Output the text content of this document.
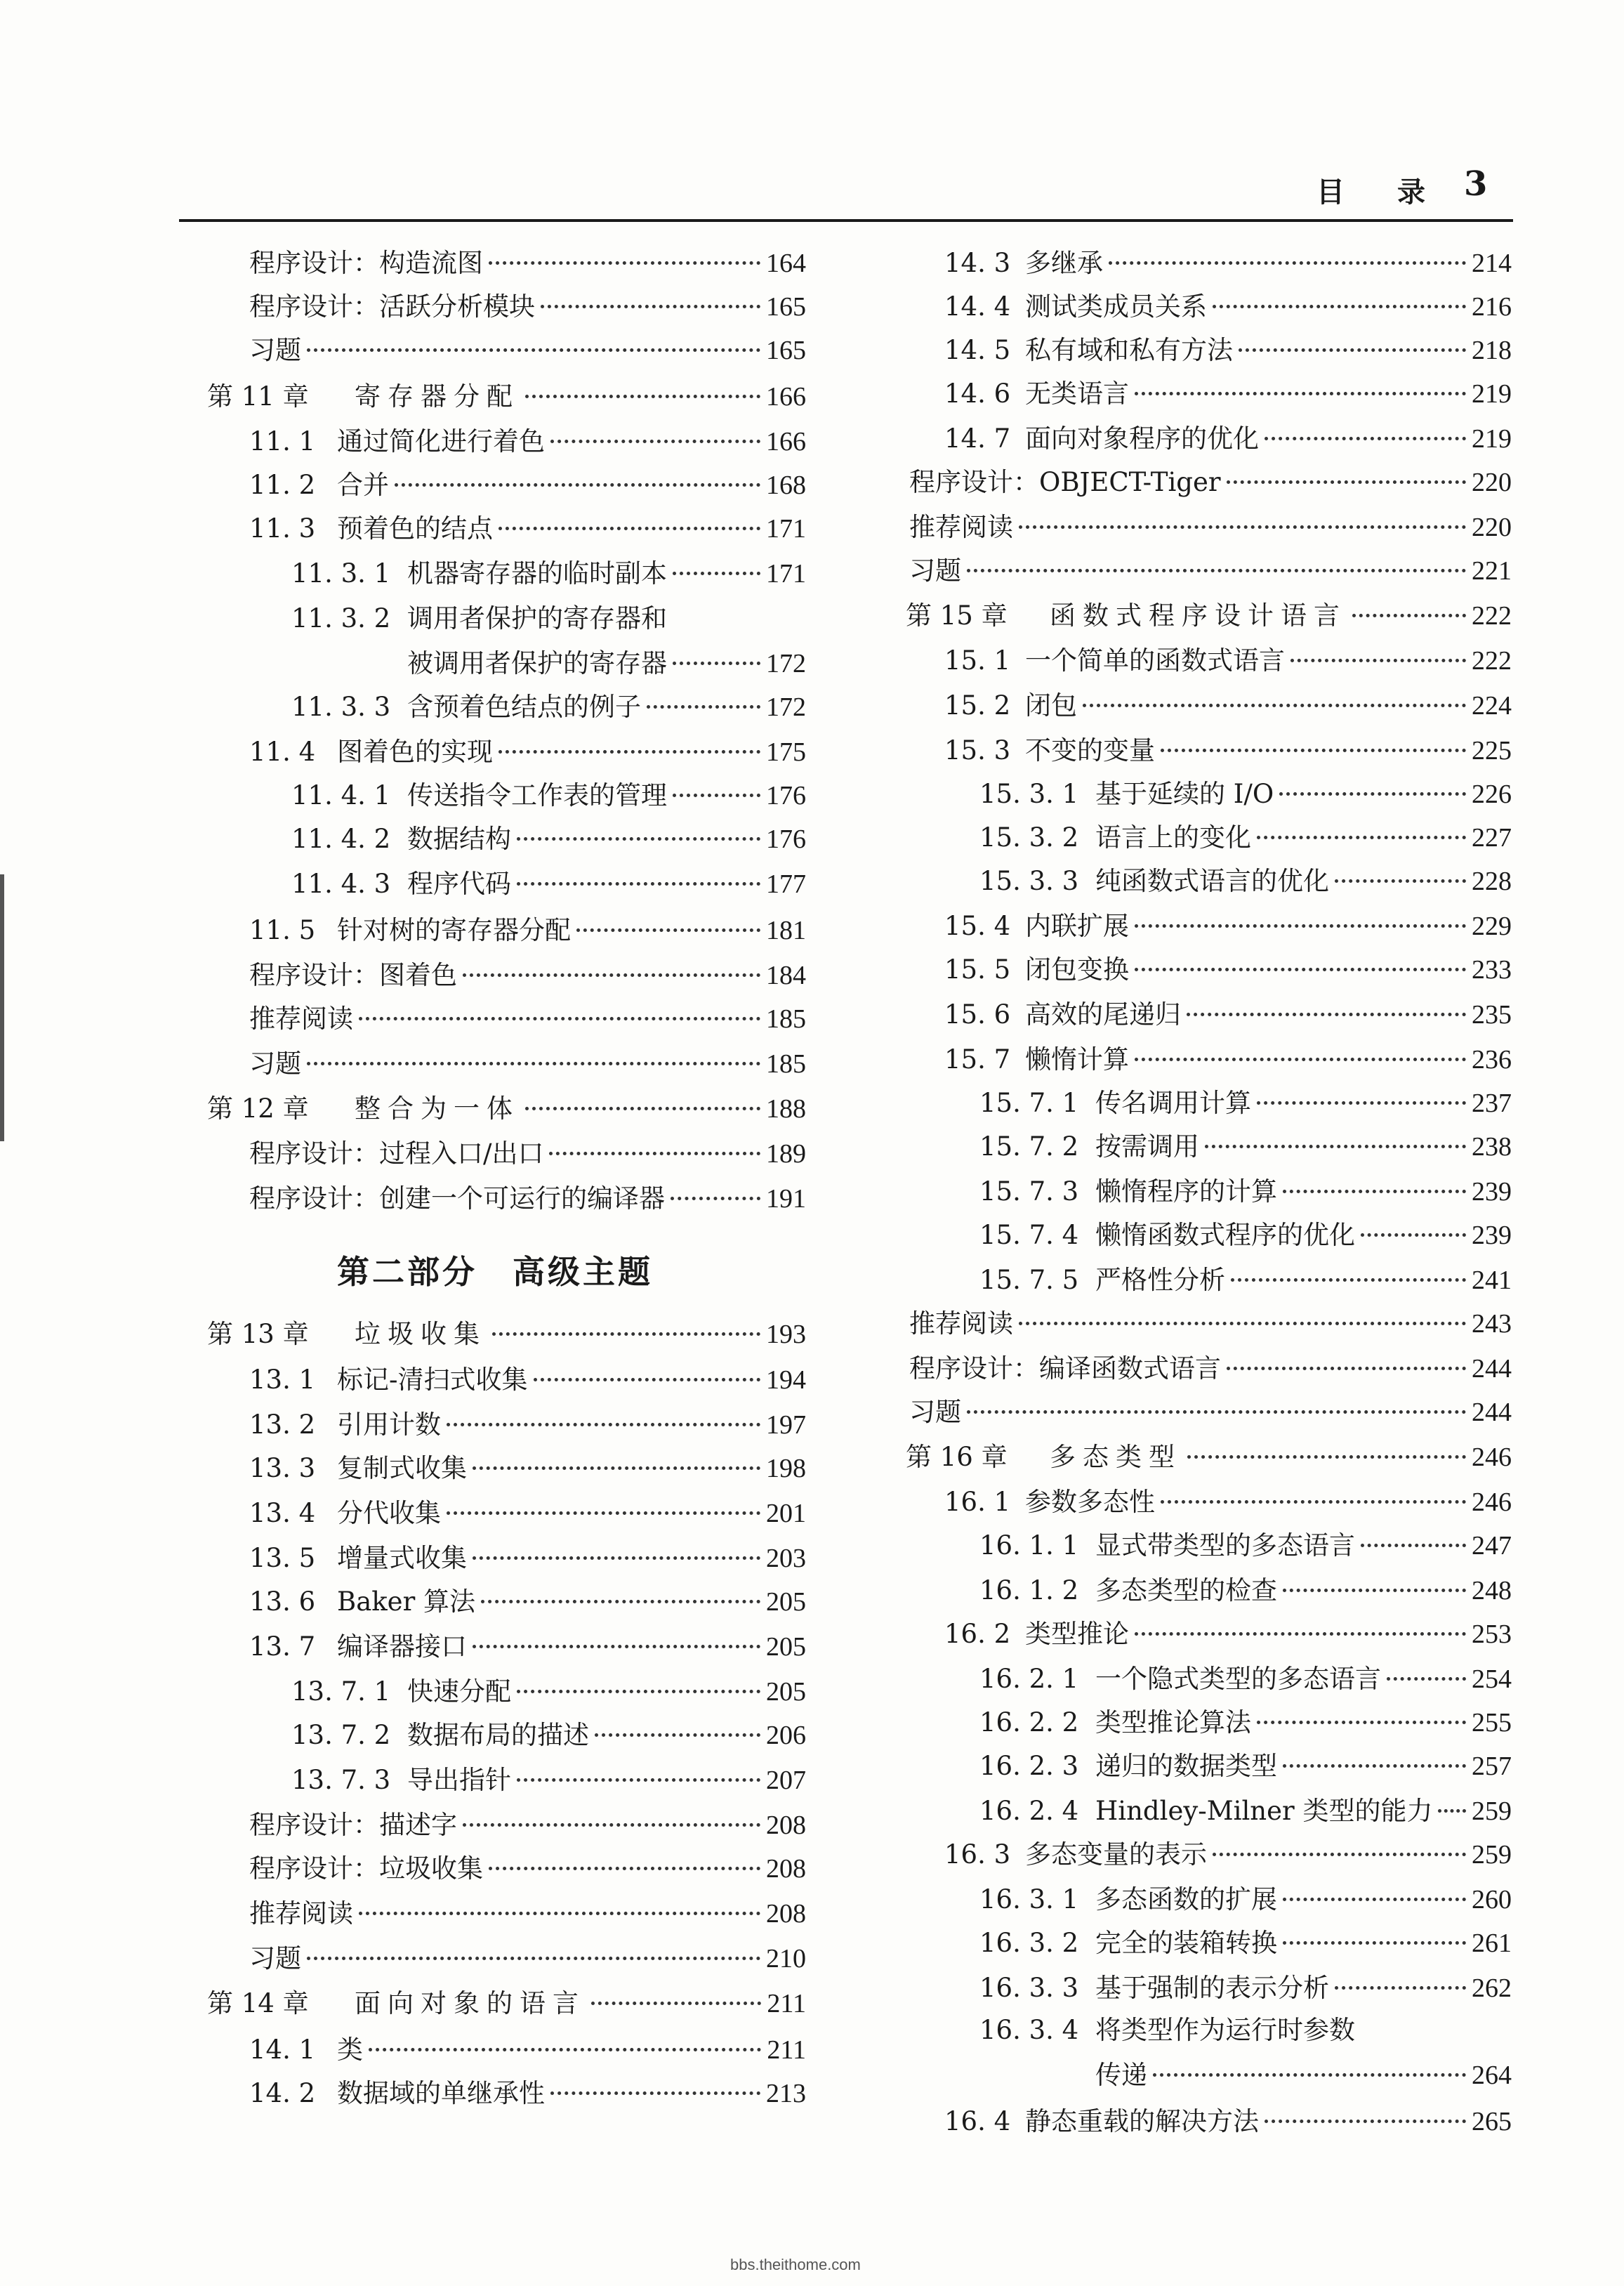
目 录 3
程序设计：构造流图	164
程序设计：活跃分析模块	165
习题	165
第 11 章	寄存器分配	166
11. 1 通过简化进行着色	166
11. 2 合并	168
11. 3 预着色的结点	171
11. 3. 1 机器寄存器的临时副本	171
11. 3. 2 调用者保护的寄存器和
被调用者保护的寄存器	172
11. 3. 3 含预着色结点的例子	172
11. 4 图着色的实现	175
11. 4. 1 传送指令工作表的管理	176
11. 4. 2 数据结构	176
11. 4. 3 程序代码	177
11. 5 针对树的寄存器分配	181
程序设计：图着色	184
推荐阅读	185
习题	185
第 12 章	整合为一体	188
程序设计：过程入口/出口	189
程序设计：创建一个可运行的编译器	191
第 13 章	垃圾收集	193
13. 1 标记-清扫式收集	194
13. 2 引用计数	197
13. 3 复制式收集	198
13. 4 分代收集	201
13. 5 增量式收集	203
13. 6 Baker 算法	205
13. 7 编译器接口	205
13. 7. 1 快速分配	205
13. 7. 2 数据布局的描述	206
13. 7. 3 导出指针	207
程序设计：描述字	208
程序设计：垃圾收集	208
推荐阅读	208
习题	210
第 14 章	面向对象的语言	211
14. 1 类	211
14. 2 数据域的单继承性	213
14. 3 多继承	214
14. 4 测试类成员关系	216
14. 5 私有域和私有方法	218
14. 6 无类语言	219
14. 7 面向对象程序的优化	219
程序设计：OBJECT-Tiger	220
推荐阅读	220
习题	221
第 15 章	函数式程序设计语言	222
15. 1 一个简单的函数式语言	222
15. 2 闭包	224
15. 3 不变的变量	225
15. 3. 1 基于延续的 I/O	226
15. 3. 2 语言上的变化	227
15. 3. 3 纯函数式语言的优化	228
15. 4 内联扩展	229
15. 5 闭包变换	233
15. 6 高效的尾递归	235
15. 7 懒惰计算	236
15. 7. 1 传名调用计算	237
15. 7. 2 按需调用	238
15. 7. 3 懒惰程序的计算	239
15. 7. 4 懒惰函数式程序的优化	239
15. 7. 5 严格性分析	241
推荐阅读	243
程序设计：编译函数式语言	244
习题	244
第 16 章	多态类型	246
16. 1 参数多态性	246
16. 1. 1 显式带类型的多态语言	247
16. 1. 2 多态类型的检查	248
16. 2 类型推论	253
16. 2. 1 一个隐式类型的多态语言	254
16. 2. 2 类型推论算法	255
16. 2. 3 递归的数据类型	257
16. 2. 4 Hindley-Milner 类型的能力 259
16. 3 多态变量的表示	259
16. 3. 1 多态函数的扩展	260
16. 3. 2 完全的装箱转换	261
16. 3. 3 基于强制的表示分析	262
16. 3. 4 将类型作为运行时参数
传递	264
16. 4 静态重载的解决方法	265
第二部分　高级主题
bbs.theithome.com
